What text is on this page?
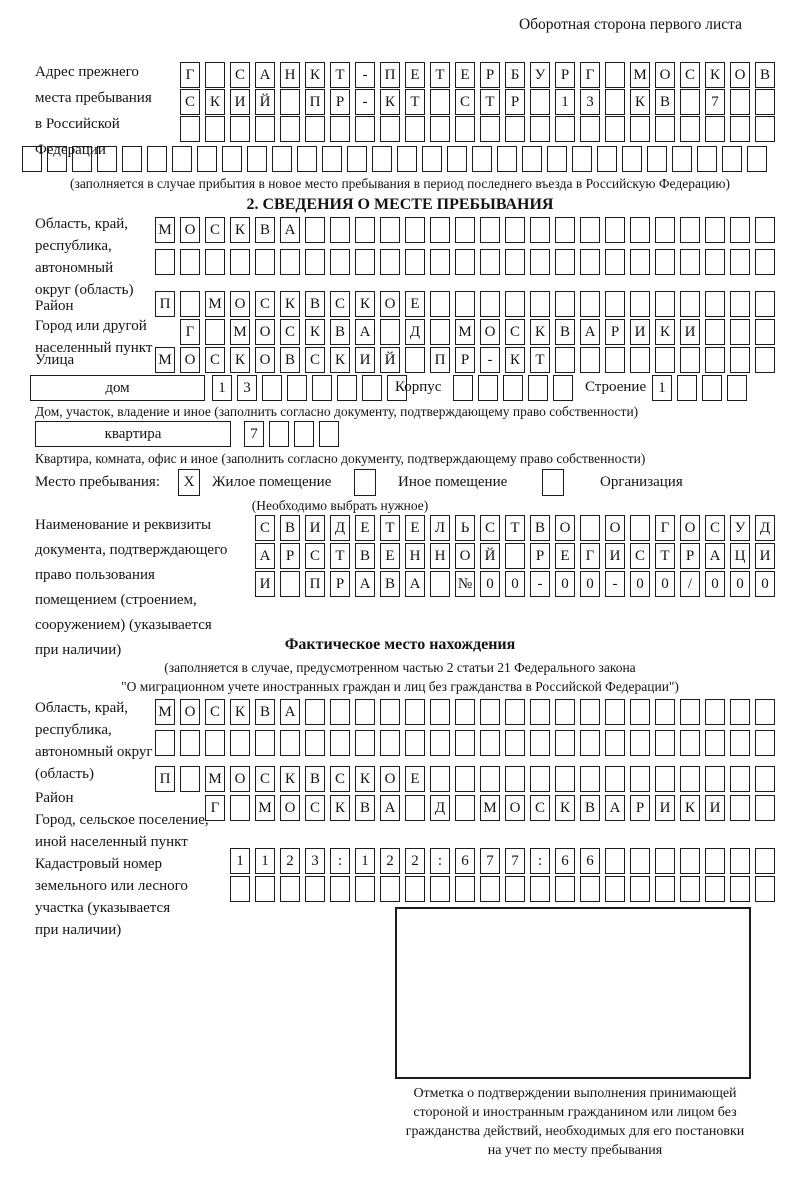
Оборотная сторона первого листа
Адрес прежнего
места пребывания
в Российской
Федерации
Г	С А Н К	Т	-	П Е	Т	Е	Р	Б	У	Р	Г	М О С К О В
С К И Й	П	Р	-	К	Т	С	Т	Р	1	3	К В	7
(заполняется в случае прибытия в новое место пребывания в период последнего въезда в Российскую Федерацию)
2. СВЕДЕНИЯ О МЕСТЕ ПРЕБЫВАНИЯ
Область, край,
республика,
автономный
округ (область)
М О С К В А
Район	П	М О С К В С К О Е
Город или другой
населенный пункт
Г	М О С К В А	Д	М О С К В А	Р	И К И
Улица	М О С К О В С К И Й	П	Р	-	К	Т
дом	1	3	Корпус	Строение 1
Дом, участок, владение и иное (заполнить согласно документу, подтверждающему право собственности)
квартира	7
Квартира, комната, офис и иное (заполнить согласно документу, подтверждающему право собственности)
Место пребывания:	X	Жилое помещение	Иное помещение	Организация
(Необходимо выбрать нужное)
Наименование и реквизиты
документа, подтверждающего
право пользования
помещением (строением,
сооружением) (указывается
при наличии)
С В И Д	Е	Т	Е	Л	Ь	С	Т	В О	О	Г	О С У Д
А	Р	С	Т	В	Е	Н Н О Й	Р	Е	Г	И С	Т	Р	А Ц И
И	П	Р	А В А	№ 0	0	-	0	0	-	0	0	/	0	0	0
Фактическое место нахождения
(заполняется в случае, предусмотренном частью 2 статьи 21 Федерального закона
"О миграционном учете иностранных граждан и лиц без гражданства в Российской Федерации")
Область, край,
республика,
автономный округ
(область)
М О С К В А
Район
П	М О С К В С К О Е
Город, сельское поселение,
иной населенный пункт
Г	М О С К В А	Д	М О С К В А	Р	И К И
Кадастровый номер
земельного или лесного
участка (указывается
при наличии)
1	1	2	3	:	1	2	2	:	6	7	7	:	6	6
Отметка о подтверждении выполнения принимающей
стороной и иностранным гражданином или лицом без
гражданства действий, необходимых для его постановки
на учет по месту пребывания
